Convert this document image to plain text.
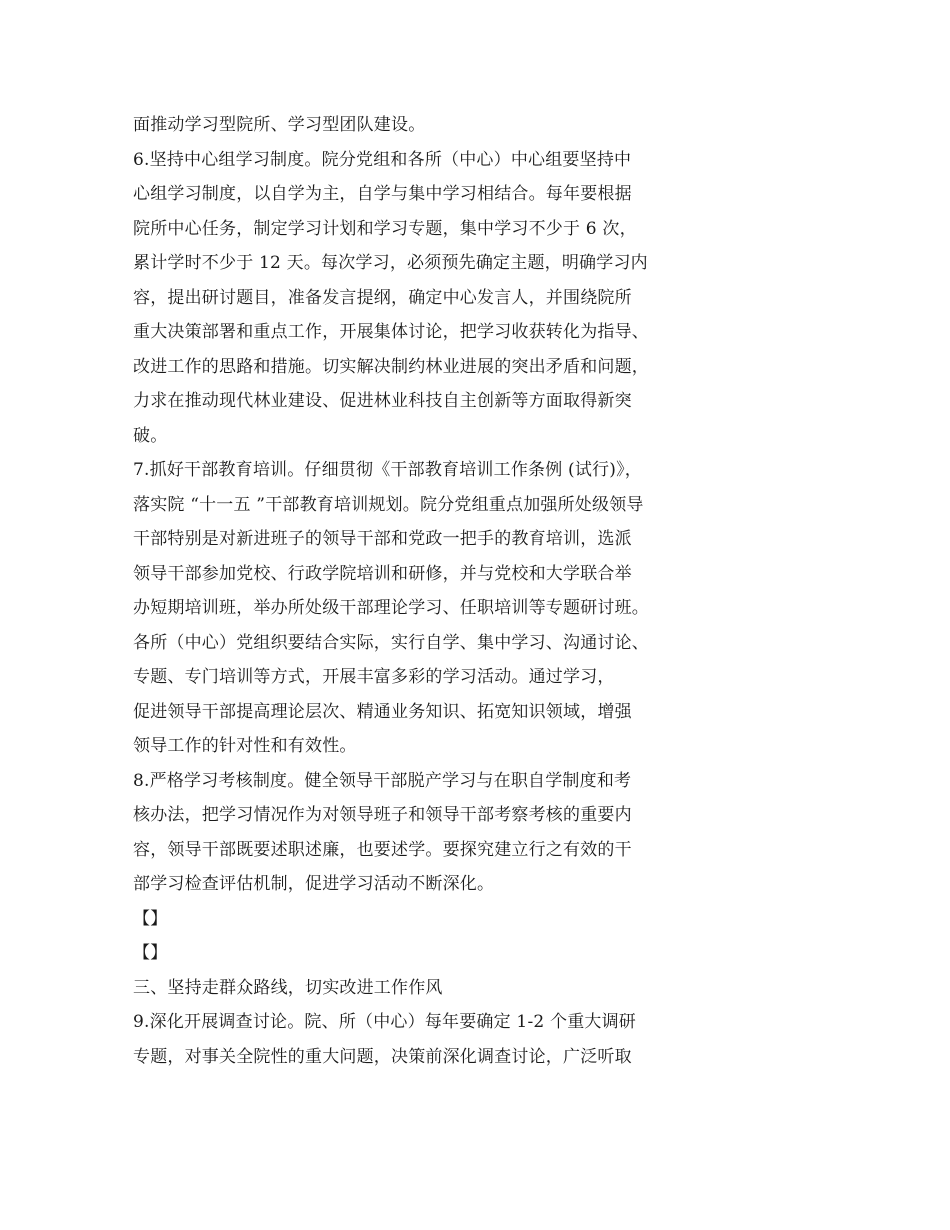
面推动学习型院所、学习型团队建设。
6.坚持中心组学习制度。院分党组和各所（中心）中心组要坚持中
心组学习制度，以自学为主，自学与集中学习相结合。每年要根据
院所中心任务，制定学习计划和学习专题，集中学习不少于 6 次，
累计学时不少于 12 天。每次学习，必须预先确定主题，明确学习内
容，提出研讨题目，准备发言提纲，确定中心发言人，并围绕院所
重大决策部署和重点工作，开展集体讨论，把学习收获转化为指导、
改进工作的思路和措施。切实解决制约林业进展的突出矛盾和问题，
力求在推动现代林业建设、促进林业科技自主创新等方面取得新突
破。
7.抓好干部教育培训。仔细贯彻《干部教育培训工作条例 (试行)》，
落实院 “十一五 ”干部教育培训规划。院分党组重点加强所处级领导
干部特别是对新进班子的领导干部和党政一把手的教育培训，选派
领导干部参加党校、行政学院培训和研修，并与党校和大学联合举
办短期培训班，举办所处级干部理论学习、任职培训等专题研讨班。
各所（中心）党组织要结合实际，实行自学、集中学习、沟通讨论、
专题、专门培训等方式，开展丰富多彩的学习活动。通过学习，
促进领导干部提高理论层次、精通业务知识、拓宽知识领域，增强
领导工作的针对性和有效性。
8.严格学习考核制度。健全领导干部脱产学习与在职自学制度和考
核办法，把学习情况作为对领导班子和领导干部考察考核的重要内
容，领导干部既要述职述廉，也要述学。要探究建立行之有效的干
部学习检查评估机制，促进学习活动不断深化。
【】
【】
三、坚持走群众路线，切实改进工作作风
9.深化开展调查讨论。院、所（中心）每年要确定 1-2 个重大调研
专题，对事关全院性的重大问题，决策前深化调查讨论，广泛听取
